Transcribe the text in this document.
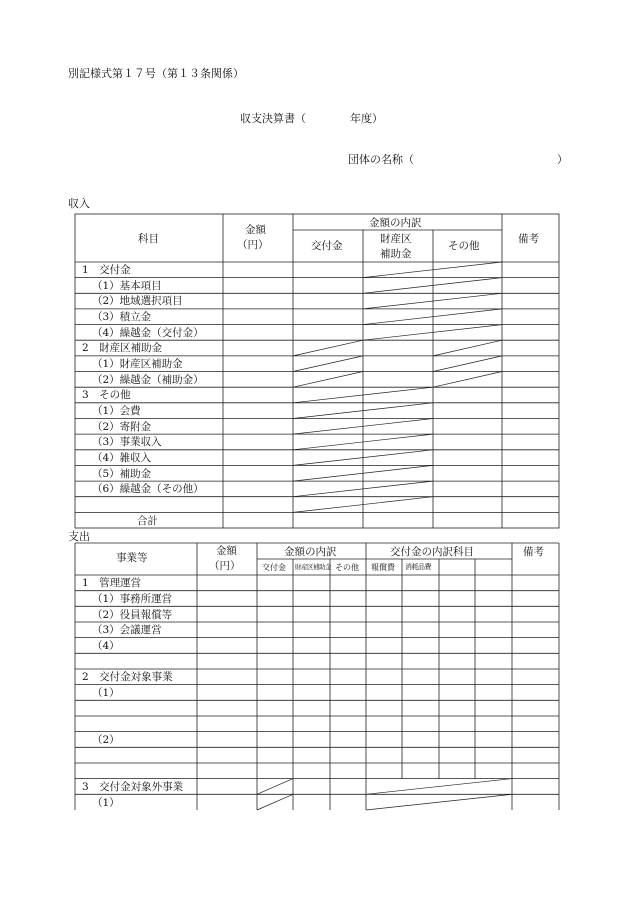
別記様式第１７号（第１３条関係）
収支決算書（　　　　年度）
団体の名称（　　　　　　　　　　　　　）
収入
科目
金額
（円）
金額の内訳
交付金
財産区
補助金
その他
備考
1　交付金
（1）基本項目
（2）地域選択項目
（3）積立金
（4）繰越金（交付金）
2　財産区補助金
（1）財産区補助金
（2）繰越金（補助金）
3　その他
（1）会費
（2）寄附金
（3）事業収入
（4）雑収入
（5）補助金
（6）繰越金（その他）
合計
支出
事業等
金額
（円）
金額の内訳	交付金の内訳科目	備考
交付金 財産区補助金 その他 報償費 消耗品費
1　管理運営
（1）事務所運営
（2）役員報償等
（3）会議運営
（4）
2　交付金対象事業
（1）
（2）
3　交付金対象外事業
（1）
